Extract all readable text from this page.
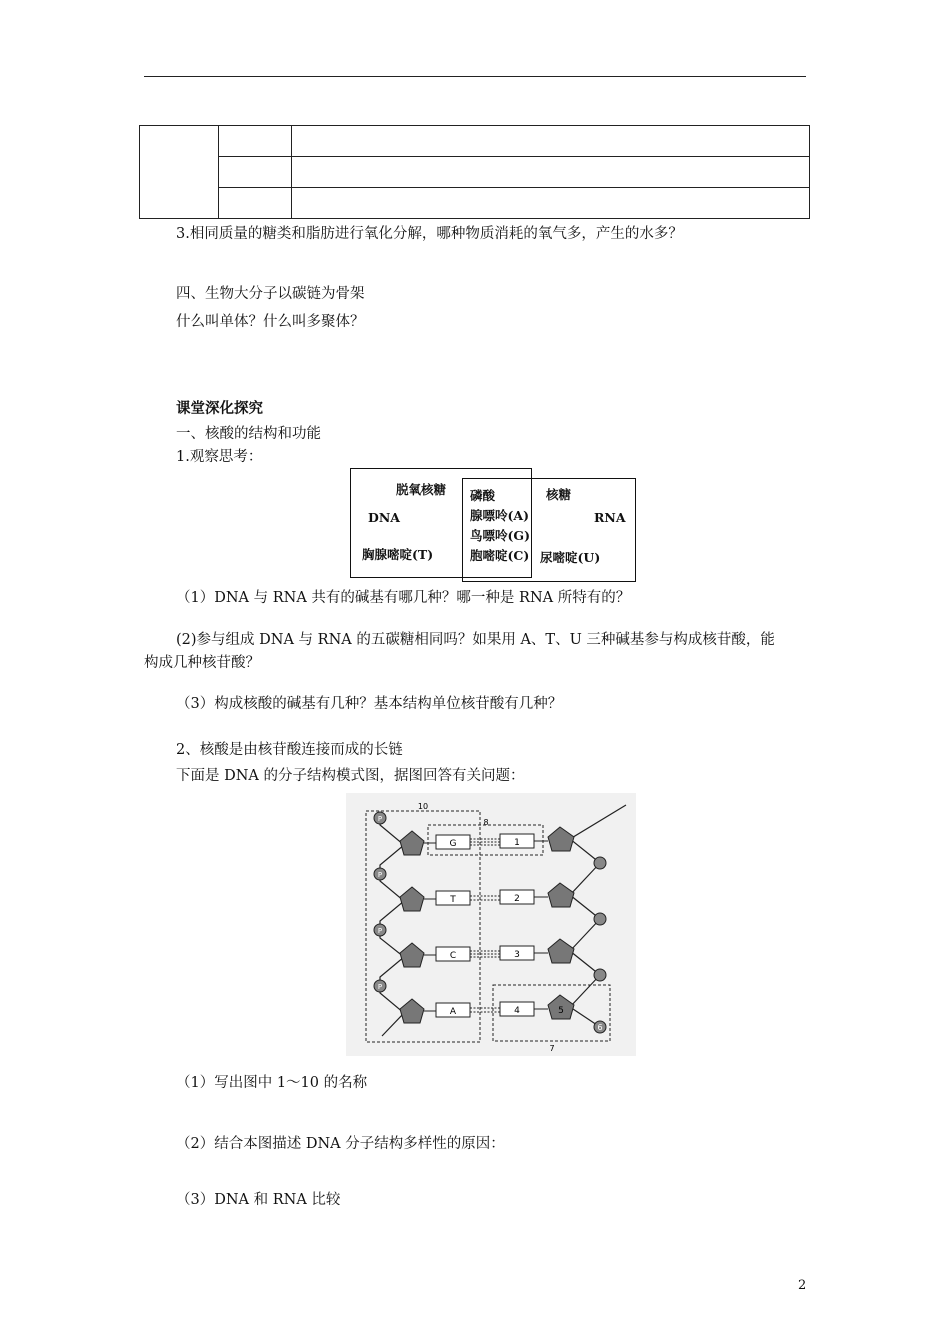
3.相同质量的糖类和脂肪进行氧化分解，哪种物质消耗的氧气多，产生的水多？
四、生物大分子以碳链为骨架
什么叫单体？什么叫多聚体？
课堂深化探究
一、核酸的结构和功能
1.观察思考：
脱氧核糖
DNA
胸腺嘧啶(T)
磷酸
腺嘌呤(A)
鸟嘌呤(G)
胞嘧啶(C)
核糖
RNA
尿嘧啶(U)
（1）DNA 与 RNA 共有的碱基有哪几种？哪一种是 RNA 所特有的？
(2)参与组成 DNA 与 RNA 的五碳糖相同吗？如果用 A、T、U 三种碱基参与构成核苷酸，能
构成几种核苷酸？
（3）构成核酸的碱基有几种？基本结构单位核苷酸有几种？
2、核酸是由核苷酸连接而成的长链
下面是 DNA 的分子结构模式图，据图回答有关问题：
P
P
P
P
G
T
C
A
1
2
3
4	5
6
7
8
10
（1）写出图中 1～10 的名称
（2）结合本图描述 DNA 分子结构多样性的原因：
（3）DNA 和 RNA 比较
2
